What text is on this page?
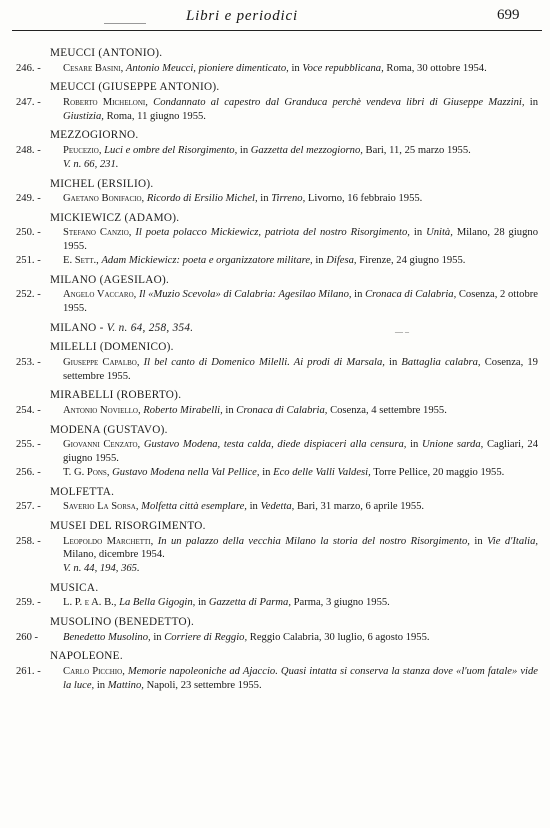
Libri e periodici	699
— –
MEUCCI (ANTONIO).
246. - Cesare Basini, Antonio Meucci, pioniere dimenticato, in Voce repubblicana, Roma, 30 ottobre 1954.
MEUCCI (GIUSEPPE ANTONIO).
247. - Roberto Micheloni, Condannato al capestro dal Granduca perchè vendeva libri di Giuseppe Mazzini, in Giustizia, Roma, 11 giugno 1955.
MEZZOGIORNO.
248. - Peucezio, Luci e ombre del Risorgimento, in Gazzetta del mezzogiorno, Bari, 11, 25 marzo 1955.
V. n. 66, 231.
MICHEL (ERSILIO).
249. - Gaetano Bonifacio, Ricordo di Ersilio Michel, in Tirreno, Livorno, 16 febbraio 1955.
MICKIEWICZ (ADAMO).
250. - Stefano Canzio, Il poeta polacco Mickiewicz, patriota del nostro Risorgimento, in Unità, Milano, 28 giugno 1955.
251. - E. Sett., Adam Mickiewicz: poeta e organizzatore militare, in Difesa, Firenze, 24 giugno 1955.
MILANO (AGESILAO).
252. - Angelo Vaccaro, Il «Muzio Scevola» di Calabria: Agesilao Milano, in Cronaca di Calabria, Cosenza, 2 ottobre 1955.
MILANO - V. n. 64, 258, 354.
MILELLI (DOMENICO).
253. - Giuseppe Capalbo, Il bel canto di Domenico Milelli. Ai prodi di Marsala, in Battaglia calabra, Cosenza, 19 settembre 1955.
MIRABELLI (ROBERTO).
254. - Antonio Noviello, Roberto Mirabelli, in Cronaca di Calabria, Cosenza, 4 settembre 1955.
MODENA (GUSTAVO).
255. - Giovanni Cenzato, Gustavo Modena, testa calda, diede dispiaceri alla censura, in Unione sarda, Cagliari, 24 giugno 1955.
256. - T. G. Pons, Gustavo Modena nella Val Pellice, in Eco delle Valli Valdesi, Torre Pellice, 20 maggio 1955.
MOLFETTA.
257. - Saverio La Sorsa, Molfetta città esemplare, in Vedetta, Bari, 31 marzo, 6 aprile 1955.
MUSEI DEL RISORGIMENTO.
258. - Leopoldo Marchetti, In un palazzo della vecchia Milano la storia del nostro Risorgimento, in Vie d'Italia, Milano, dicembre 1954.
V. n. 44, 194, 365.
MUSICA.
259. - L. P. e A. B., La Bella Gigogin, in Gazzetta di Parma, Parma, 3 giugno 1955.
MUSOLINO (BENEDETTO).
260 - Benedetto Musolino, in Corriere di Reggio, Reggio Calabria, 30 luglio, 6 agosto 1955.
NAPOLEONE.
261. - Carlo Picchio, Memorie napoleoniche ad Ajaccio. Quasi intatta si conserva la stanza dove «l'uom fatale» vide la luce, in Mattino, Napoli, 23 settembre 1955.
